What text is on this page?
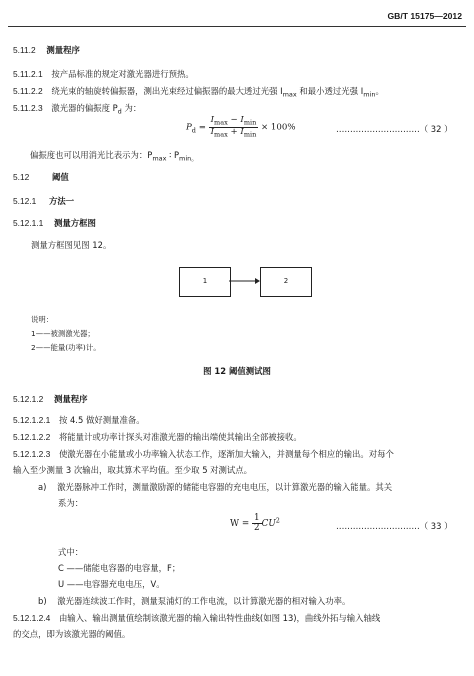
GB/T 15175—2012
5.11.2 测量程序
5.11.2.1 按产品标准的规定对激光器进行预热。
5.11.2.2 绕光束的轴旋转偏振器，测出光束经过偏振器的最大透过光强 $I_{max}$ 和最小透过光强 $I_{min}$。
5.11.2.3 激光器的偏振度 $P_d$ 为：
$P_d = \frac{I_{max} - I_{min}}{I_{max} + I_{min}} \times 100\%$	…………………………（ 32 ）
偏振度也可以用消光比表示为：$P_{max}$ ∶ $P_{min。}$
5.12	阈值
5.12.1 方法一
5.12.1.1 测量方框图
测量方框图见图 12。
1	2
说明：
1——被测激光器；
2——能量(功率)计。
图 12 阈值测试图
5.12.1.2 测量程序
5.12.1.2.1 按 4.5 做好测量准备。
5.12.1.2.2 将能量计或功率计探头对准激光器的输出端使其输出全部被接收。
5.12.1.2.3 使激光器在小能量或小功率输入状态工作，逐渐加大输入，并测量每个相应的输出。对每个
输入至少测量 3 次输出，取其算术平均值。至少取 5 对测试点。
a) 激光器脉冲工作时，测量激励源的储能电容器的充电电压，以计算激光器的输入能量。其关
系为：
$W = \frac{1}{2} CU^2$
…………………………（ 33 ）
式中：
C ——储能电容器的电容量，F；
U ——电容器充电电压，V。
b) 激光器连续波工作时，测量泵浦灯的工作电流，以计算激光器的相对输入功率。
5.12.1.2.4 由输入、输出测量值绘制该激光器的输入输出特性曲线(如图 13)，曲线外拓与输入轴线
的交点，即为该激光器的阈值。
